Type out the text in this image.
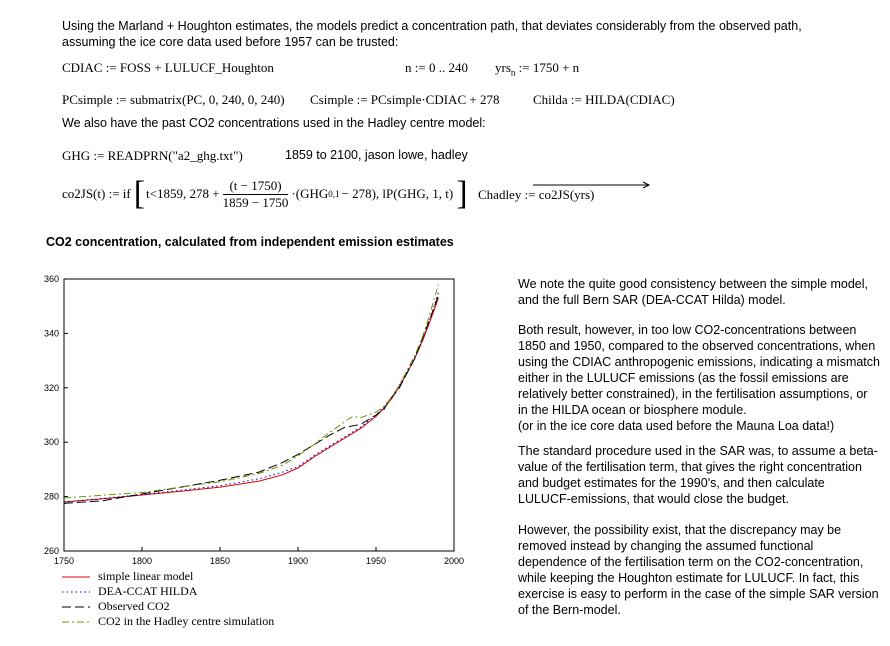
Using the Marland + Houghton estimates, the models predict a concentration path, that deviates considerably from the observed path,
assuming the ice core data used before 1957 can be trusted:
CDIAC := FOSS + LULUCF_Houghton	n := 0 .. 240 yrs$_n$ := 1750 + n
PCsimple := submatrix(PC, 0, 240, 0, 240) Csimple := PCsimple·CDIAC + 278	Childa := HILDA(CDIAC)
We also have the past CO2 concentrations used in the Hadley centre model:
GHG := READPRN("a2_ghg.txt")	1859 to 2100, jason lowe, hadley
co2JS(t) := if [ t<1859, $278 + \frac{(t - 1750)}{1859 - 1750} \cdot(GHG$ 0,1 − 278), lP(GHG, 1, t) ] Chadley := co2JS(yrs)
CO2 concentration, calculated from independent emission estimates
260
280
300
320
340
360
1750	1800	1850	1900	1950	2000
simple linear model
DEA-CCAT HILDA
Observed CO2
CO2 in the Hadley centre simulation
We note the quite good consistency between the simple model, and the full Bern SAR (DEA-CCAT Hilda) model.
Both result, however, in too low CO2-concentrations between 1850 and 1950, compared to the observed concentrations, when using the CDIAC anthropogenic emissions, indicating a mismatch either in the LULUCF emissions (as the fossil emissions are relatively better constrained), in the fertilisation assumptions, or in the HILDA ocean or biosphere module.
(or in the ice core data used before the Mauna Loa data!)
The standard procedure used in the SAR was, to assume a beta-value of the fertilisation term, that gives the right concentration and budget estimates for the 1990's, and then calculate LULUCF-emissions, that would close the budget.
However, the possibility exist, that the discrepancy may be removed instead by changing the assumed functional dependence of the fertilisation term on the CO2-concentration, while keeping the Houghton estimate for LULUCF. In fact, this exercise is easy to perform in the case of the simple SAR version of the Bern-model.
